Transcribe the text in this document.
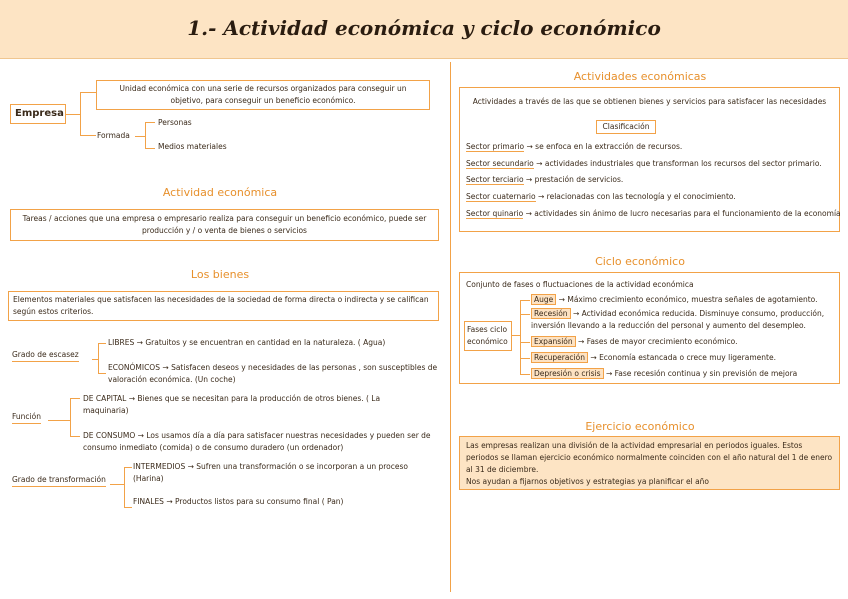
1.- Actividad económica y ciclo económico
Empresa
Unidad económica con una serie de recursos organizados para conseguir un objetivo, para conseguir un beneficio económico.
Formada
Personas
Medios materiales
Actividad económica
Tareas / acciones que una empresa o empresario realiza para conseguir un beneficio económico, puede ser producción y / o venta de bienes o servicios
Los bienes
Elementos materiales que satisfacen las necesidades de la sociedad de forma directa o indirecta y se califican según estos criterios.
Grado de escasez
LIBRES → Gratuitos y se encuentran en cantidad en la naturaleza. ( Agua)
ECONÓMICOS → Satisfacen deseos y necesidades de las personas , son susceptibles de valoración económica. (Un coche)
Función
DE CAPITAL → Bienes que se necesitan para la producción de otros bienes. ( La maquinaria)
DE CONSUMO → Los usamos día a día para satisfacer nuestras necesidades y pueden ser de consumo inmediato (comida) o de consumo duradero (un ordenador)
Grado de transformación
INTERMEDIOS → Sufren una transformación o se incorporan a un proceso (Harina)
FINALES → Productos listos para su consumo final ( Pan)
Actividades económicas
Actividades a través de las que se obtienen bienes y servicios para satisfacer las necesidades
Clasificación
Sector primario → se enfoca en la extracción de recursos.
Sector secundario → actividades industriales que transforman los recursos del sector primario.
Sector terciario → prestación de servicios.
Sector cuaternario → relacionadas con las tecnología y el conocimiento.
Sector quinario → actividades sin ánimo de lucro necesarias para el funcionamiento de la economía
Ciclo económico
Conjunto de fases o fluctuaciones de la actividad económica
Fases ciclo económico
Auge → Máximo crecimiento económico, muestra señales de agotamiento.
Recesión → Actividad económica reducida. Disminuye consumo, producción, inversión llevando a la reducción del personal y aumento del desempleo.
Expansión → Fases de mayor crecimiento económico.
Recuperación → Economía estancada o crece muy ligeramente.
Depresión o crisis → Fase recesión continua y sin previsión de mejora
Ejercicio económico
Las empresas realizan una división de la actividad empresarial en periodos iguales. Estos periodos se llaman ejercicio económico normalmente coinciden con el año natural del 1 de enero al 31 de diciembre.
Nos ayudan a fijarnos objetivos y estrategias ya planificar el año
